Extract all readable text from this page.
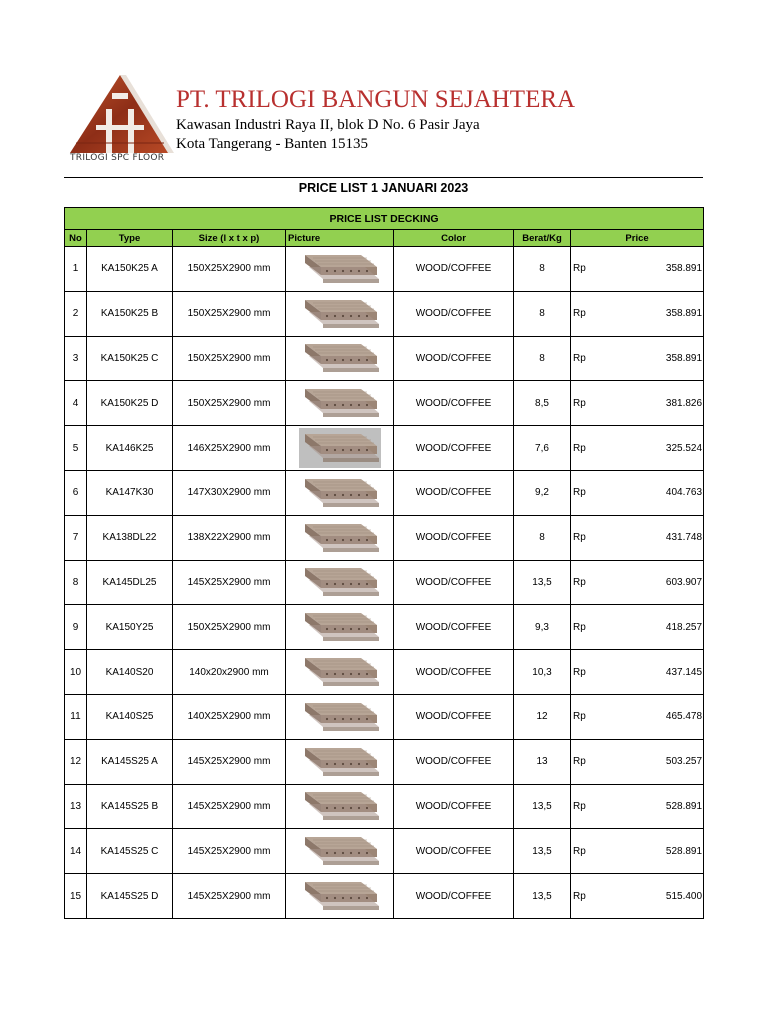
TRILOGI SPC FLOOR
PT. TRILOGI BANGUN SEJAHTERA
Kawasan Industri Raya II, blok D No. 6 Pasir Jaya
Kota Tangerang - Banten 15135
PRICE LIST 1 JANUARI 2023
PRICE LIST DECKING						
No	Type	Size (l x t x p)	Picture	Color	Berat/Kg	Price
1	KA150K25 A	150X25X2900 mm		WOOD/COFFEE	8	Rp 358.891
2	KA150K25 B	150X25X2900 mm		WOOD/COFFEE	8	Rp 358.891
3	KA150K25 C	150X25X2900 mm		WOOD/COFFEE	8	Rp 358.891
4	KA150K25 D	150X25X2900 mm		WOOD/COFFEE	8,5	Rp 381.826
5	KA146K25	146X25X2900 mm		WOOD/COFFEE	7,6	Rp 325.524
6	KA147K30	147X30X2900 mm		WOOD/COFFEE	9,2	Rp 404.763
7	KA138DL22	138X22X2900 mm		WOOD/COFFEE	8	Rp 431.748
8	KA145DL25	145X25X2900 mm		WOOD/COFFEE	13,5	Rp 603.907
9	KA150Y25	150X25X2900 mm		WOOD/COFFEE	9,3	Rp 418.257
10	KA140S20	140x20x2900 mm		WOOD/COFFEE	10,3	Rp 437.145
11	KA140S25	140X25X2900 mm		WOOD/COFFEE	12	Rp 465.478
12	KA145S25 A	145X25X2900 mm		WOOD/COFFEE	13	Rp 503.257
13	KA145S25 B	145X25X2900 mm		WOOD/COFFEE	13,5	Rp 528.891
14	KA145S25 C	145X25X2900 mm		WOOD/COFFEE	13,5	Rp 528.891
15	KA145S25 D	145X25X2900 mm		WOOD/COFFEE	13,5	Rp 515.400
